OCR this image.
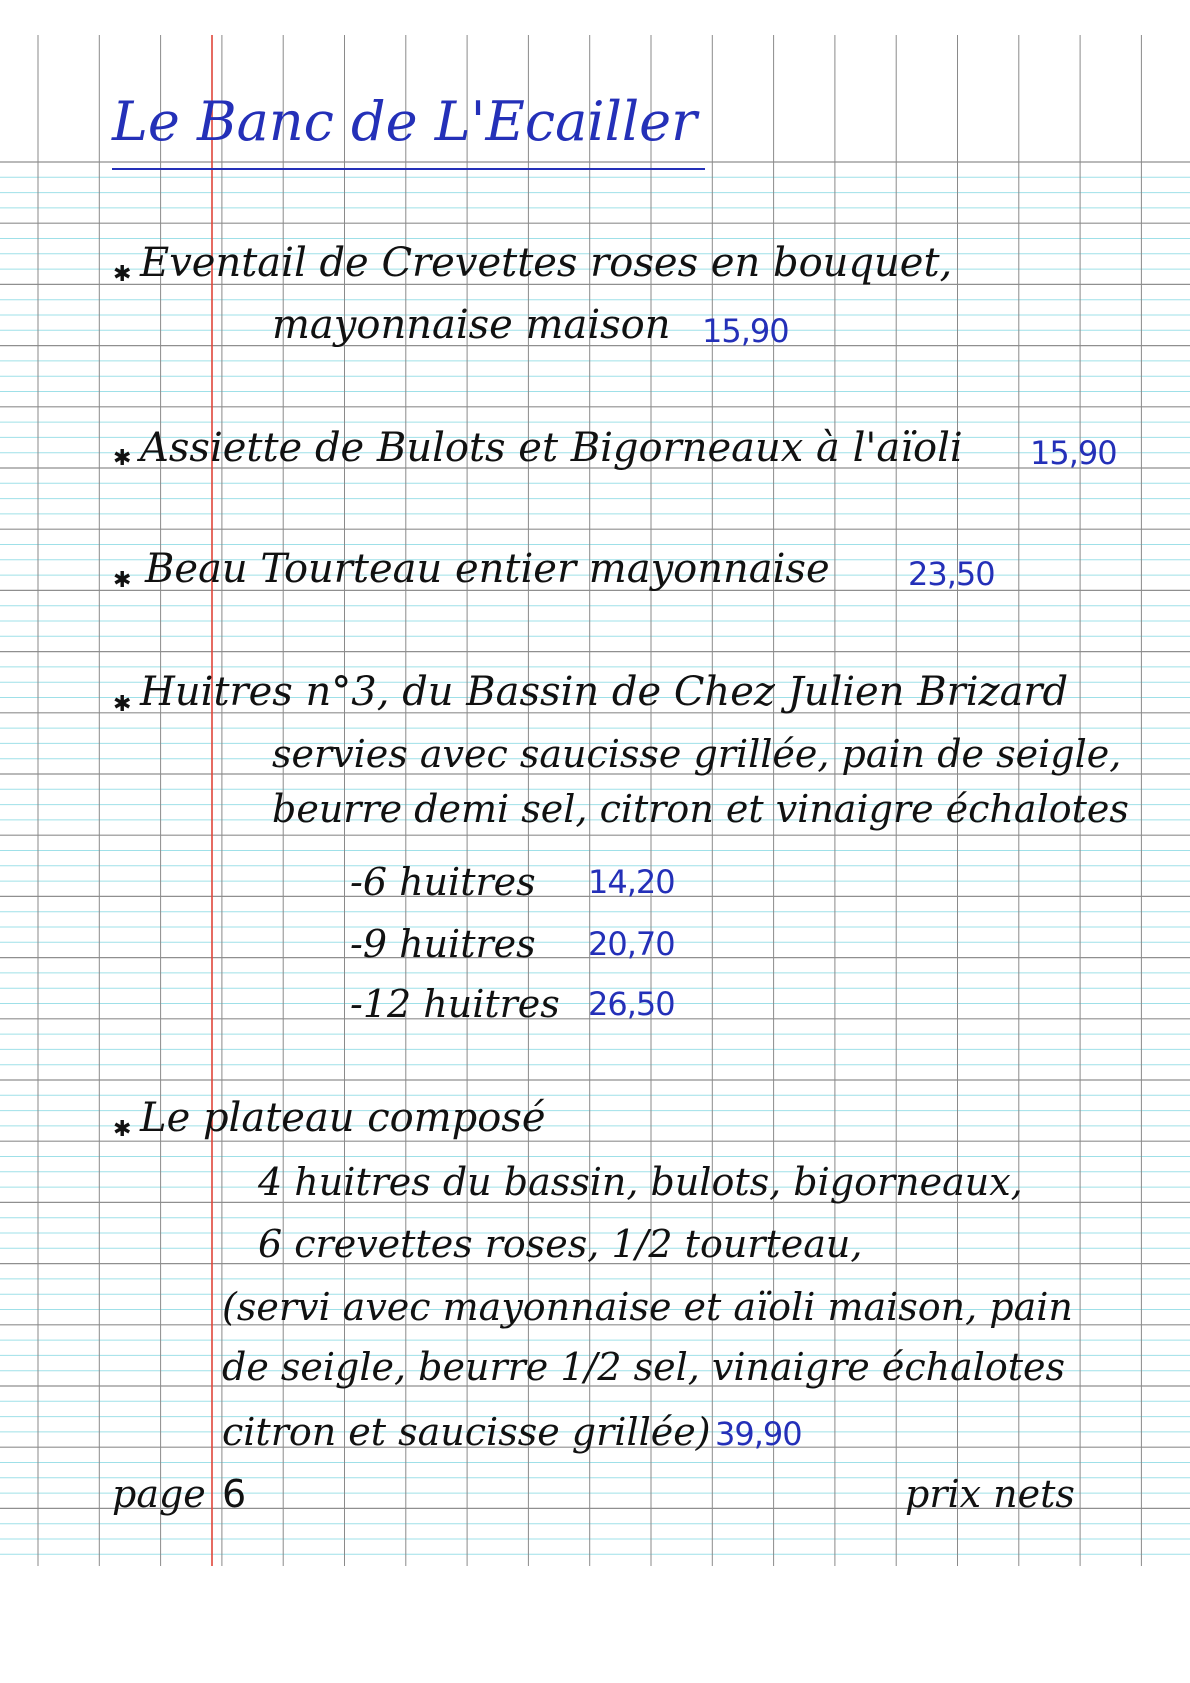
Le Banc de L'Ecailler
✱ Eventail de Crevettes roses en bouquet,
mayonnaise maison 15,90
✱ Assiette de Bulots et Bigorneaux à l'aïoli 15,90
✱ Beau Tourteau entier mayonnaise 23,50
✱ Huitres n°3, du Bassin de Chez Julien Brizard
servies avec saucisse grillée, pain de seigle,
beurre demi sel, citron et vinaigre échalotes
-6 huitres 14,20
-9 huitres 20,70
-12 huitres 26,50
✱ Le plateau composé
4 huitres du bassin, bulots, bigorneaux,
6 crevettes roses, 1/2 tourteau,
(servi avec mayonnaise et aïoli maison, pain
de seigle, beurre 1/2 sel, vinaigre échalotes
citron et saucisse grillée) 39,90
page 6	prix nets
